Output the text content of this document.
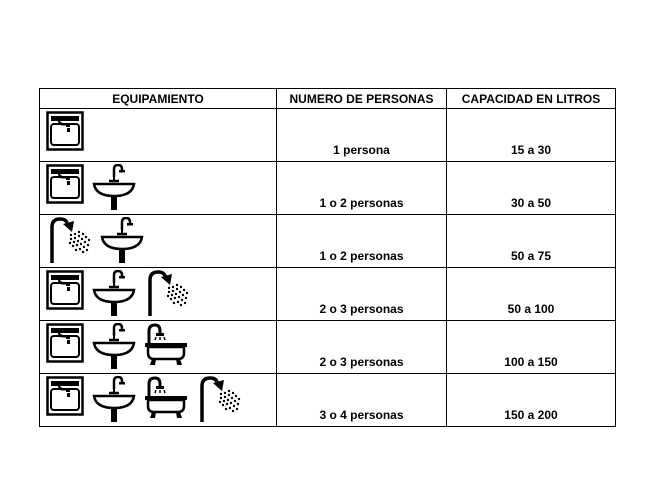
EQUIPAMIENTO	NUMERO DE PERSONAS	CAPACIDAD EN LITROS

	1 persona	15 a 30

	1 o 2 personas	30 a 50

	1 o 2 personas	50 a 75

	2 o 3 personas	50 a 100

	2 o 3 personas	100 a 150

	3 o 4 personas	150 a 200
